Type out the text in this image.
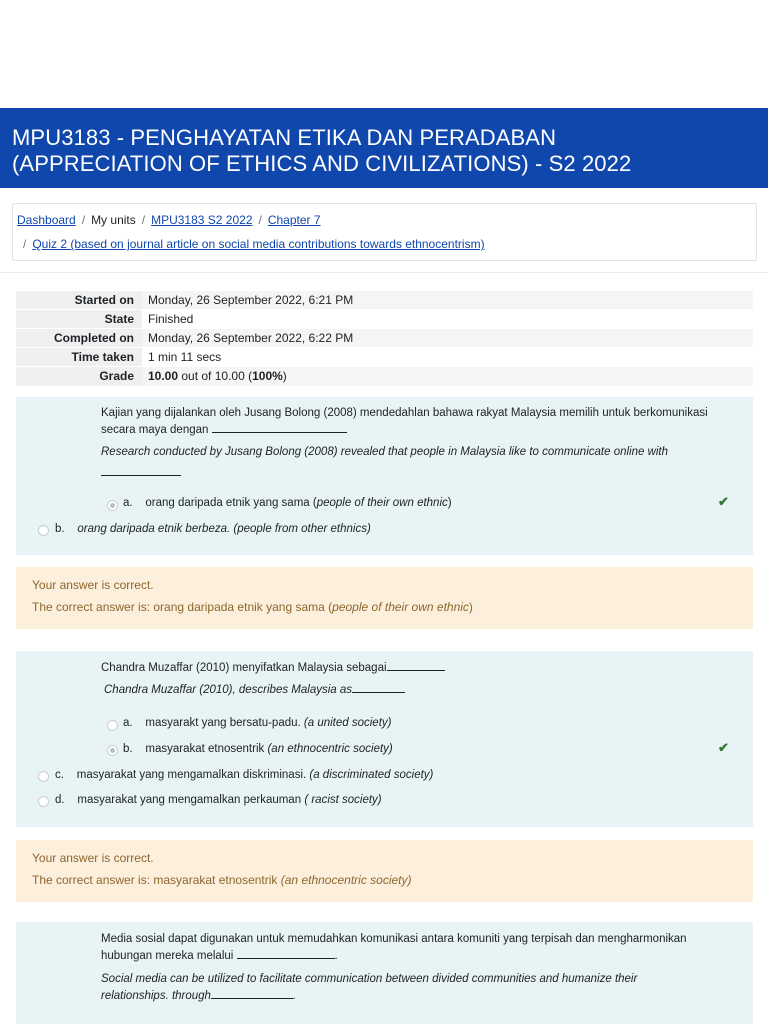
MPU3183 - PENGHAYATAN ETIKA DAN PERADABAN
(APPRECIATION OF ETHICS AND CIVILIZATIONS) - S2 2022
Dashboard / My units / MPU3183 S2 2022 / Chapter 7
/ Quiz 2 (based on journal article on social media contributions towards ethnocentrism)
Started on	Monday, 26 September 2022, 6:21 PM
State	Finished
Completed on	Monday, 26 September 2022, 6:22 PM
Time taken	1 min 11 secs
Grade	10.00 out of 10.00 (100%)
Kajian yang dijalankan oleh Jusang Bolong (2008) mendedahlan bahawa rakyat Malaysia memilih untuk berkomunikasi
secara maya dengan
Research conducted by Jusang Bolong (2008) revealed that people in Malaysia like to communicate online with
a. orang daripada etnik yang sama (people of their own ethnic)	✔
b. orang daripada etnik berbeza. (people from other ethnics)
Your answer is correct.
The correct answer is: orang daripada etnik yang sama (people of their own ethnic)
Chandra Muzaffar (2010) menyifatkan Malaysia sebagai
Chandra Muzaffar (2010), describes Malaysia as
a. masyarakt yang bersatu-padu. (a united society)
b. masyarakat etnosentrik (an ethnocentric society)	✔
c. masyarakat yang mengamalkan diskriminasi. (a discriminated society)
d. masyarakat yang mengamalkan perkauman ( racist society)
Your answer is correct.
The correct answer is: masyarakat etnosentrik (an ethnocentric society)
Media sosial dapat digunakan untuk memudahkan komunikasi antara komuniti yang terpisah dan mengharmonikan
hubungan mereka melalui	.
Social media can be utilized to facilitate communication between divided communities and humanize their
relationships. through	.
